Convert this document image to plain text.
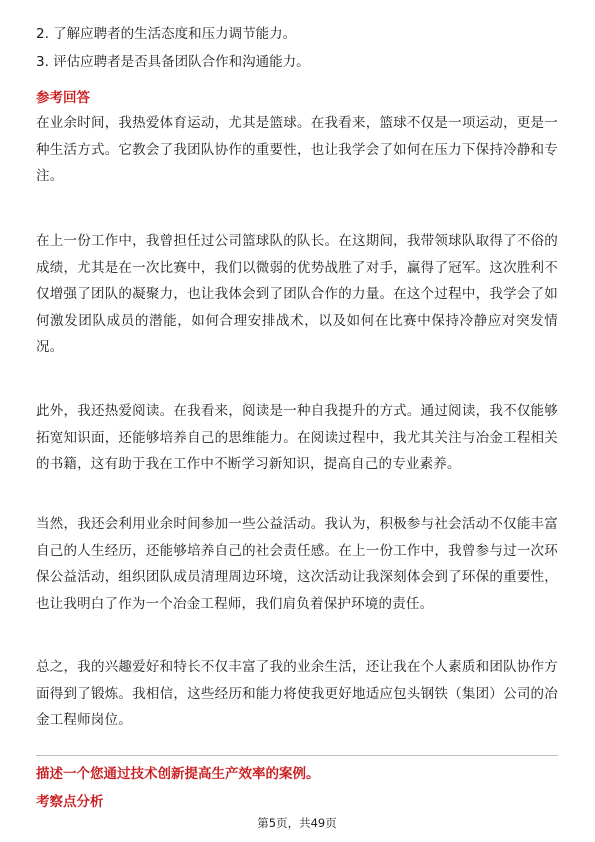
2. 了解应聘者的生活态度和压力调节能力。
3. 评估应聘者是否具备团队合作和沟通能力。
参考回答
在业余时间，我热爱体育运动，尤其是篮球。在我看来，篮球不仅是一项运动，更是一种生活方式。它教会了我团队协作的重要性，也让我学会了如何在压力下保持冷静和专注。
在上一份工作中，我曾担任过公司篮球队的队长。在这期间，我带领球队取得了不俗的成绩，尤其是在一次比赛中，我们以微弱的优势战胜了对手，赢得了冠军。这次胜利不仅增强了团队的凝聚力，也让我体会到了团队合作的力量。在这个过程中，我学会了如何激发团队成员的潜能，如何合理安排战术，以及如何在比赛中保持冷静应对突发情况。
此外，我还热爱阅读。在我看来，阅读是一种自我提升的方式。通过阅读，我不仅能够拓宽知识面，还能够培养自己的思维能力。在阅读过程中，我尤其关注与冶金工程相关的书籍，这有助于我在工作中不断学习新知识，提高自己的专业素养。
当然，我还会利用业余时间参加一些公益活动。我认为，积极参与社会活动不仅能丰富自己的人生经历，还能够培养自己的社会责任感。在上一份工作中，我曾参与过一次环保公益活动，组织团队成员清理周边环境，这次活动让我深刻体会到了环保的重要性，也让我明白了作为一个冶金工程师，我们肩负着保护环境的责任。
总之，我的兴趣爱好和特长不仅丰富了我的业余生活，还让我在个人素质和团队协作方面得到了锻炼。我相信，这些经历和能力将使我更好地适应包头钢铁（集团）公司的冶金工程师岗位。
描述一个您通过技术创新提高生产效率的案例。
考察点分析
第5页，共49页
